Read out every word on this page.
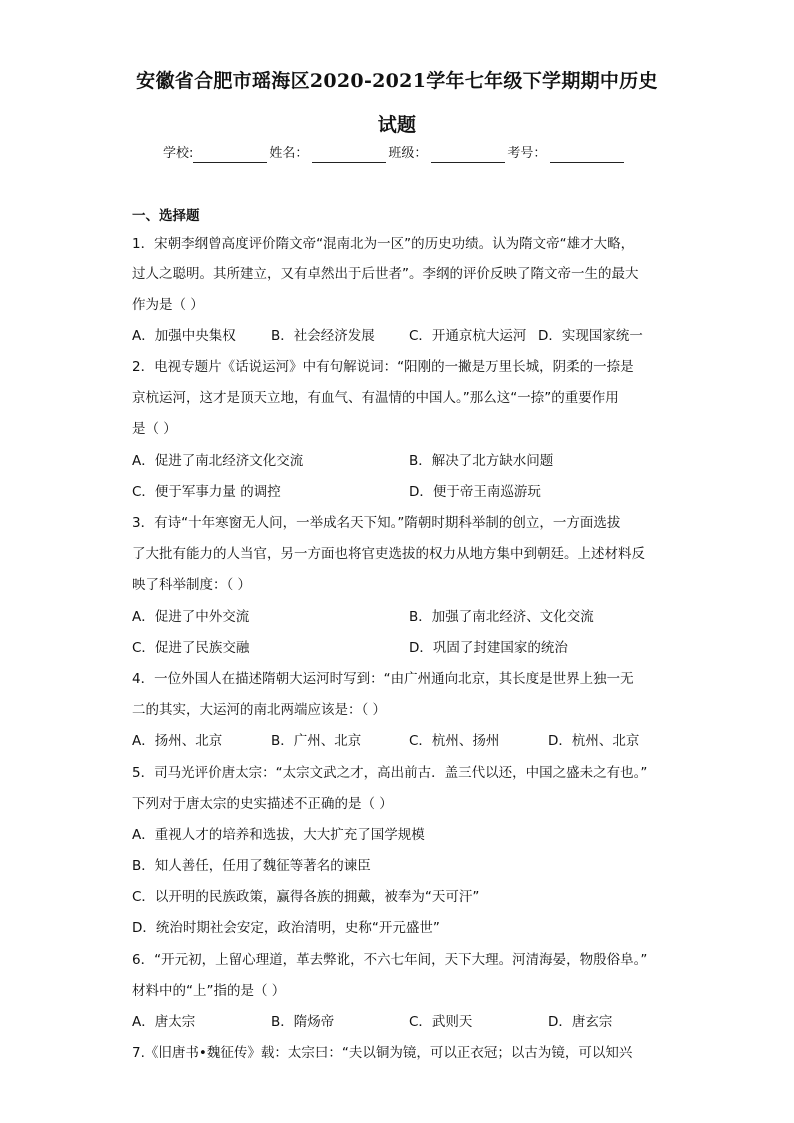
安徽省合肥市瑶海区2020-2021学年七年级下学期期中历史
试题
学校:	姓名：	班级：	考号：
一、选择题
1．宋朝李纲曾高度评价隋文帝“混南北为一区”的历史功绩。认为隋文帝“雄才大略，
过人之聪明。其所建立，又有卓然出于后世者”。李纲的评价反映了隋文帝一生的最大
作为是（ ）
A．加强中央集权	B．社会经济发展	C．开通京杭大运河 D．实现国家统一
2．电视专题片《话说运河》中有句解说词：“阳刚的一撇是万里长城，阴柔的一捺是
京杭运河，这才是顶天立地，有血气、有温情的中国人。”那么这“一捺”的重要作用
是（ ）
A．促进了南北经济文化交流	B．解决了北方缺水问题
C．便于军事力量 的调控	D．便于帝王南巡游玩
3．有诗“十年寒窗无人问，一举成名天下知。”隋朝时期科举制的创立，一方面选拔
了大批有能力的人当官，另一方面也将官吏选拔的权力从地方集中到朝廷。上述材料反
映了科举制度：（ ）
A．促进了中外交流	B．加强了南北经济、文化交流
C．促进了民族交融	D．巩固了封建国家的统治
4．一位外国人在描述隋朝大运河时写到：“由广州通向北京，其长度是世界上独一无
二的其实，大运河的南北两端应该是：（ ）
A．扬州、北京	B．广州、北京	C．杭州、扬州	D．杭州、北京
5．司马光评价唐太宗：“太宗文武之才，高出前古．盖三代以还，中国之盛未之有也。”
下列对于唐太宗的史实描述不正确的是（ ）
A．重视人才的培养和选拔，大大扩充了国学规模
B．知人善任，任用了魏征等著名的谏臣
C．以开明的民族政策，赢得各族的拥戴，被奉为“天可汗”
D．统治时期社会安定，政治清明，史称“开元盛世”
6．“开元初，上留心理道，革去弊讹，不六七年间，天下大理。河清海晏，物殷俗阜。”
材料中的“上”指的是（ ）
A．唐太宗	B．隋炀帝	C．武则天	D．唐玄宗
7.《旧唐书•魏征传》载：太宗曰：“夫以铜为镜，可以正衣冠；以古为镜，可以知兴
